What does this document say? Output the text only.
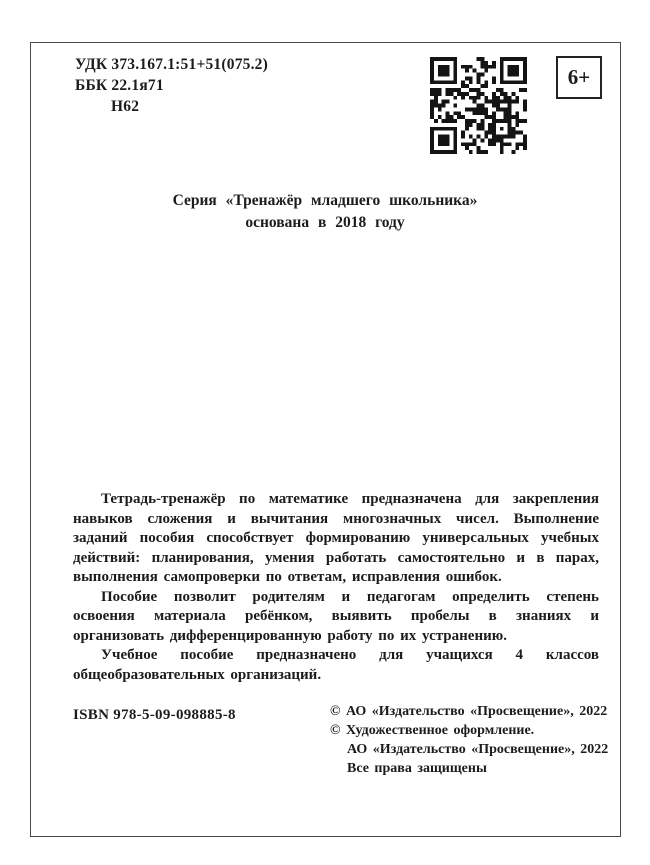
УДК 373.167.1:51+51(075.2)
ББК 22.1я71
Н62
6+
Серия «Тренажёр младшего школьника»
основана в 2018 году

Тетрадь-тренажёр по математике предназначена для закрепления навыков сложения и вычитания многозначных чисел. Выполнение заданий пособия способствует формированию универсальных учебных действий: планирования, умения работать самостоятельно и в парах, выполнения самопроверки по ответам, исправления ошибок.

Пособие позволит родителям и педагогам определить степень освоения материала ребёнком, выявить пробелы в знаниях и организовать дифференцированную работу по их устранению.

Учебное пособие предназначено для учащихся 4 классов общеобразовательных организаций.

ISBN 978-5-09-098885-8	© АО «Издательство «Просвещение», 2022
© Художественное оформление.
АО «Издательство «Просвещение», 2022
Все права защищены
